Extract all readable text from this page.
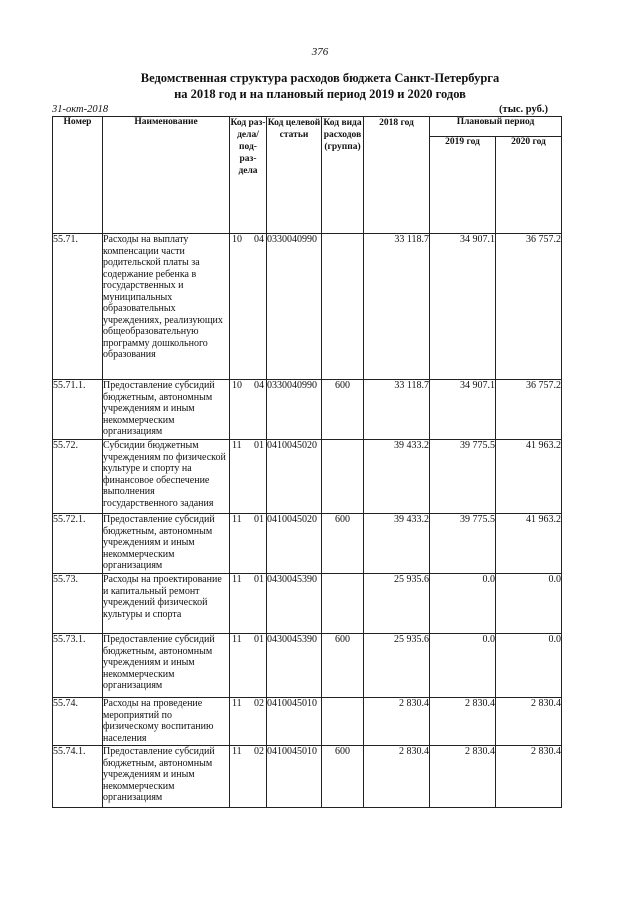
376
Ведомственная структура расходов бюджета Санкт-Петербурга
на 2018 год и на плановый период 2019 и 2020 годов
31-окт-2018	(тыс. руб.)
Номер	Наименование	Код раз- дела/ под- раз- дела	Код целевой статьи	Код вида расходов (группа)	2018 год	Плановый период	
						2019 год	2020 год
55.71.	Расходы на выплату компенсации части родительской платы за содержание ребенка в государственных и муниципальных образовательных учреждениях, реализующих общеобразовательную программу дошкольного образования	10 04	0330040990		33 118.7	34 907.1	36 757.2
55.71.1.	Предоставление субсидий бюджетным, автономным учреждениям и иным некоммерческим организациям	10 04	0330040990	600	33 118.7	34 907.1	36 757.2
55.72.	Субсидии бюджетным учреждениям по физической культуре и спорту на финансовое обеспечение выполнения государственного задания	11 01	0410045020		39 433.2	39 775.5	41 963.2
55.72.1.	Предоставление субсидий бюджетным, автономным учреждениям и иным некоммерческим организациям	11 01	0410045020	600	39 433.2	39 775.5	41 963.2
55.73.	Расходы на проектирование и капитальный ремонт учреждений физической культуры и спорта	11 01	0430045390		25 935.6	0.0	0.0
55.73.1.	Предоставление субсидий бюджетным, автономным учреждениям и иным некоммерческим организациям	11 01	0430045390	600	25 935.6	0.0	0.0
55.74.	Расходы на проведение мероприятий по физическому воспитанию населения	11 02	0410045010		2 830.4	2 830.4	2 830.4
55.74.1.	Предоставление субсидий бюджетным, автономным учреждениям и иным некоммерческим организациям	11 02	0410045010	600	2 830.4	2 830.4	2 830.4
